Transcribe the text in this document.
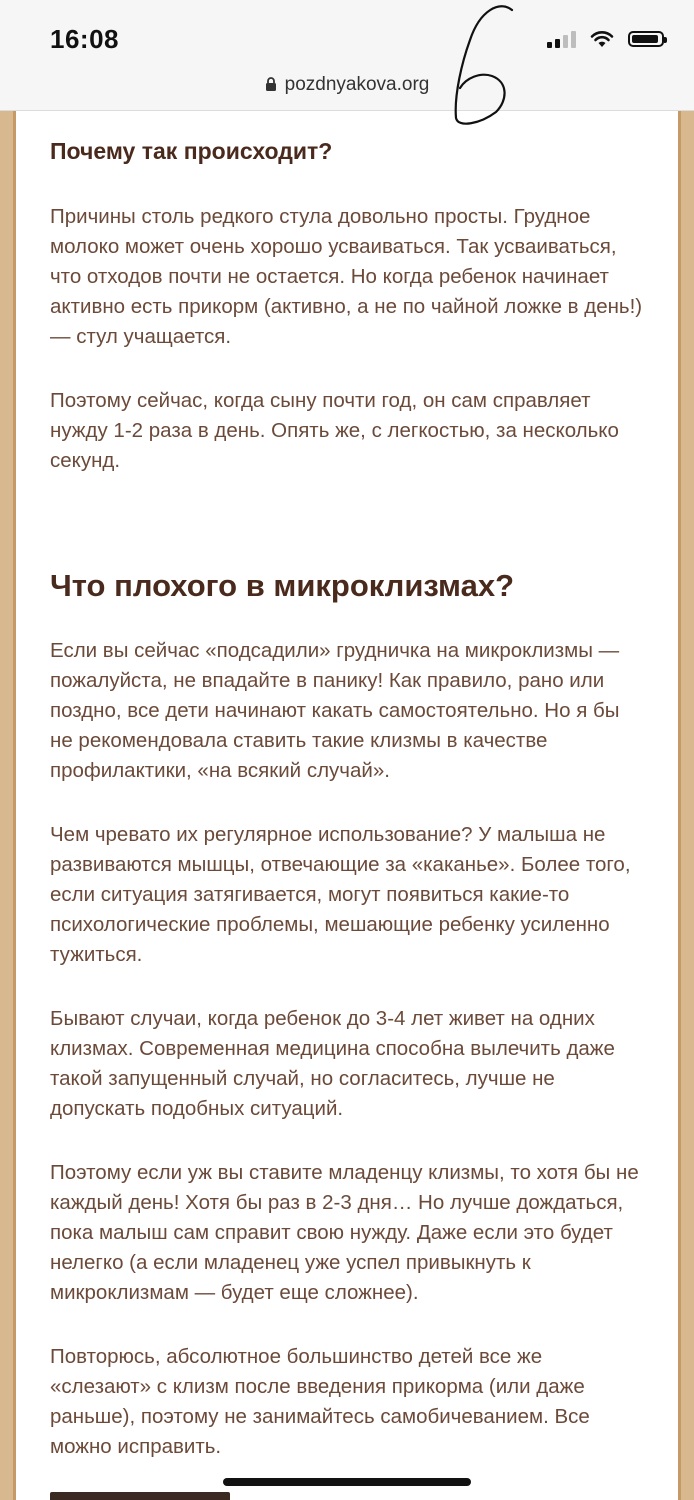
16:08
pozdnyakova.org
Почему так происходит?

Причины столь редкого стула довольно просты. Грудное молоко может очень хорошо усваиваться. Так усваиваться, что отходов почти не остается. Но когда ребенок начинает активно есть прикорм (активно, а не по чайной ложке в день!) — стул учащается.

Поэтому сейчас, когда сыну почти год, он сам справляет нужду 1-2 раза в день. Опять же, с легкостью, за несколько секунд.

Что плохого в микроклизмах?

Если вы сейчас «подсадили» грудничка на микроклизмы — пожалуйста, не впадайте в панику! Как правило, рано или поздно, все дети начинают какать самостоятельно. Но я бы не рекомендовала ставить такие клизмы в качестве профилактики, «на всякий случай».

Чем чревато их регулярное использование? У малыша не развиваются мышцы, отвечающие за «каканье». Более того, если ситуация затягивается, могут появиться какие-то психологические проблемы, мешающие ребенку усиленно тужиться.

Бывают случаи, когда ребенок до 3-4 лет живет на одних клизмах. Современная медицина способна вылечить даже такой запущенный случай, но согласитесь, лучше не допускать подобных ситуаций.

Поэтому если уж вы ставите младенцу клизмы, то хотя бы не каждый день! Хотя бы раз в 2-3 дня… Но лучше дождаться, пока малыш сам справит свою нужду. Даже если это будет нелегко (а если младенец уже успел привыкнуть к микроклизмам — будет еще сложнее).

Повторюсь, абсолютное большинство детей все же «слезают» с клизм после введения прикорма (или даже раньше), поэтому не занимайтесь самобичеванием. Все можно исправить.
